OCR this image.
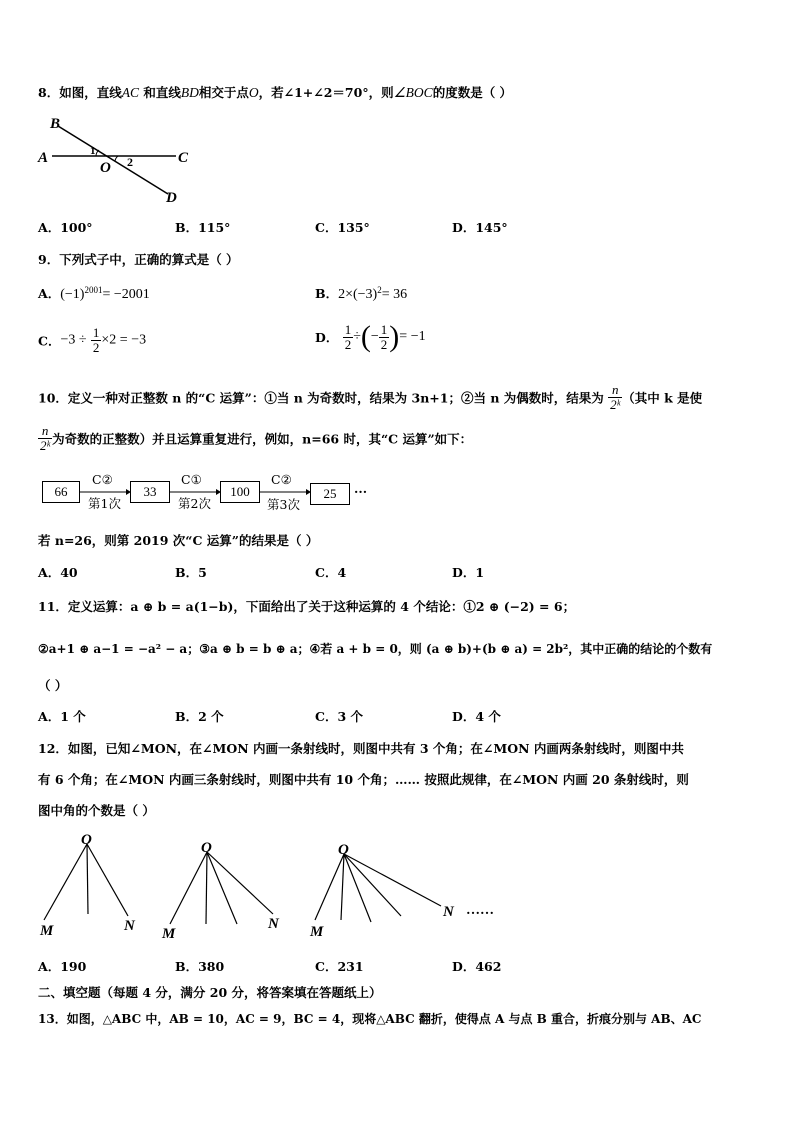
8．如图，直线AC 和直线BD相交于点O，若∠1+∠2＝70°，则∠BOC的度数是（ ）
B
A	C
O
D
1
2
A．100°	B．115°	C．135°	D．145°
9．下列式子中，正确的算式是（ ）
A．$(-1)^{2001}= -2001$	B．$2\times(-3)^2= 36$
C．$-3 \div \frac{1}{2} \times 2 = -3$	D． $\frac{1}{2}$ ÷(− $\frac{1}{2}$ )= −1
10．定义一种对正整数 n 的“C 运算”：①当 n 为奇数时，结果为 3n+1；②当 n 为偶数时，结果为 $\frac{n}{\text{2ᵏ}}$ （其中 k 是使
$\frac{n}{\text{2ᵏ}}$ 为奇数的正整数）并且运算重复进行，例如，n=66 时，其“C 运算”如下：
66	33	100	25
C②	C①	C②
第1次	第2次	第3次
···
若 n=26，则第 2019 次“C 运算”的结果是（ ）
A．40	B．5	C．4	D．1
11．定义运算：a ⊕ b = a(1−b)，下面给出了关于这种运算的 4 个结论：①2 ⊕ (−2) = 6；
②a+1 ⊕ a−1 = −a² − a；③a ⊕ b = b ⊕ a；④若 a + b = 0，则 (a ⊕ b)+(b ⊕ a) = 2b²，其中正确的结论的个数有
（ ）
A．1 个	B．2 个	C．3 个	D．4 个
12．如图，已知∠MON，在∠MON 内画一条射线时，则图中共有 3 个角；在∠MON 内画两条射线时，则图中共
有 6 个角；在∠MON 内画三条射线时，则图中共有 10 个角；…… 按照此规律，在∠MON 内画 20 条射线时，则
图中角的个数是（ ）
O
M	N
O
M
N
O
M
N ……
A．190	B．380	C．231	D．462
二、填空题（每题 4 分，满分 20 分，将答案填在答题纸上）
13．如图，△ABC 中，AB = 10，AC = 9，BC = 4，现将△ABC 翻折，使得点 A 与点 B 重合，折痕分别与 AB、AC
